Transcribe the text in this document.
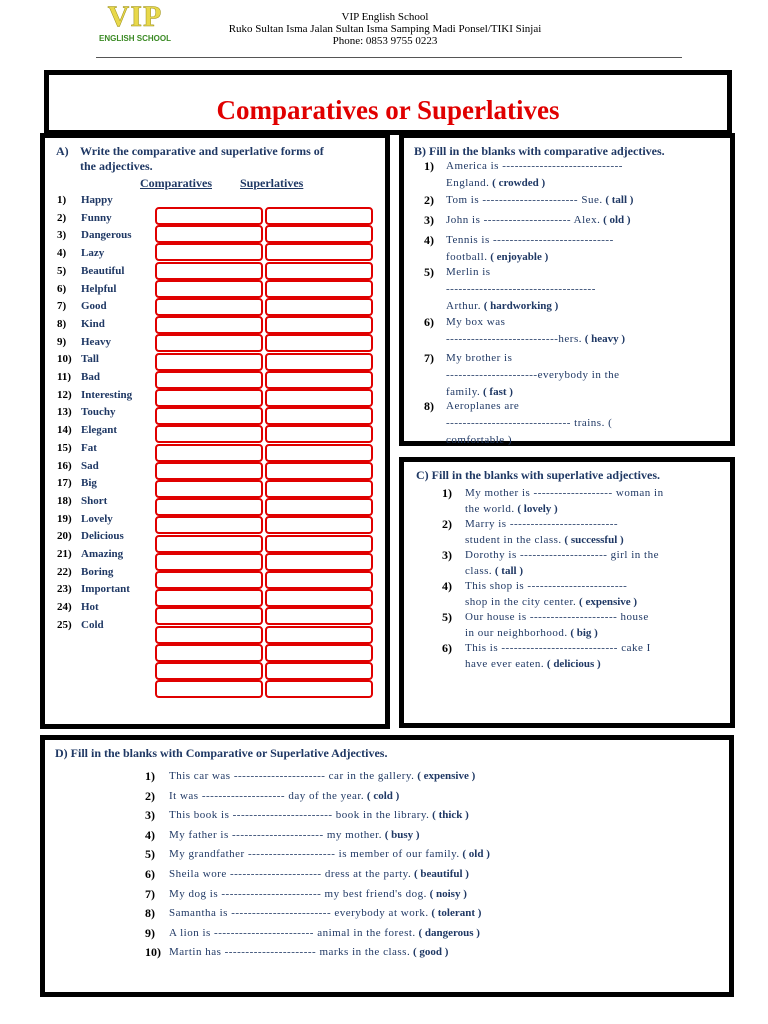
VIP
ENGLISH SCHOOL
VIP English School
Ruko Sultan Isma Jalan Sultan Isma Samping Madi Ponsel/TIKI Sinjai
Phone: 0853 9755 0223
Comparatives or Superlatives
A) Write the comparative and superlative forms of
the adjectives.
Comparatives Superlatives
1) Happy
2) Funny
3) Dangerous
4) Lazy
5) Beautiful
6) Helpful
7) Good
8) Kind
9) Heavy
10) Tall
11) Bad
12) Interesting
13) Touchy
14) Elegant
15) Fat
16) Sad
17) Big
18) Short
19) Lovely
20) Delicious
21) Amazing
22) Boring
23) Important
24) Hot
25) Cold
B) Fill in the blanks with comparative adjectives.
1) America is -----------------------------
England. ( crowded )
2) Tom is ----------------------- Sue. ( tall )
3) John is --------------------- Alex. ( old )
4) Tennis is -----------------------------
football. ( enjoyable )
5) Merlin is
------------------------------------
Arthur. ( hardworking )
6) My box was
---------------------------hers. ( heavy )
7) My brother is
----------------------everybody in the
family. ( fast )
8) Aeroplanes are
------------------------------ trains. (
comfortable )
C) Fill in the blanks with superlative adjectives.
1) My mother is ------------------- woman in
the world. ( lovely )
2) Marry is --------------------------
student in the class. ( successful )
3) Dorothy is --------------------- girl in the
class. ( tall )
4) This shop is ------------------------
shop in the city center. ( expensive )
5) Our house is --------------------- house
in our neighborhood. ( big )
6) This is ---------------------------- cake I
have ever eaten. ( delicious )
D) Fill in the blanks with Comparative or Superlative Adjectives.
1) This car was ---------------------- car in the gallery. ( expensive )
2) It was -------------------- day of the year. ( cold )
3) This book is ------------------------ book in the library. ( thick )
4) My father is ---------------------- my mother. ( busy )
5) My grandfather --------------------- is member of our family. ( old )
6) Sheila wore ---------------------- dress at the party. ( beautiful )
7) My dog is ------------------------ my best friend's dog. ( noisy )
8) Samantha is ------------------------ everybody at work. ( tolerant )
9) A lion is ------------------------ animal in the forest. ( dangerous )
10) Martin has ---------------------- marks in the class. ( good )
